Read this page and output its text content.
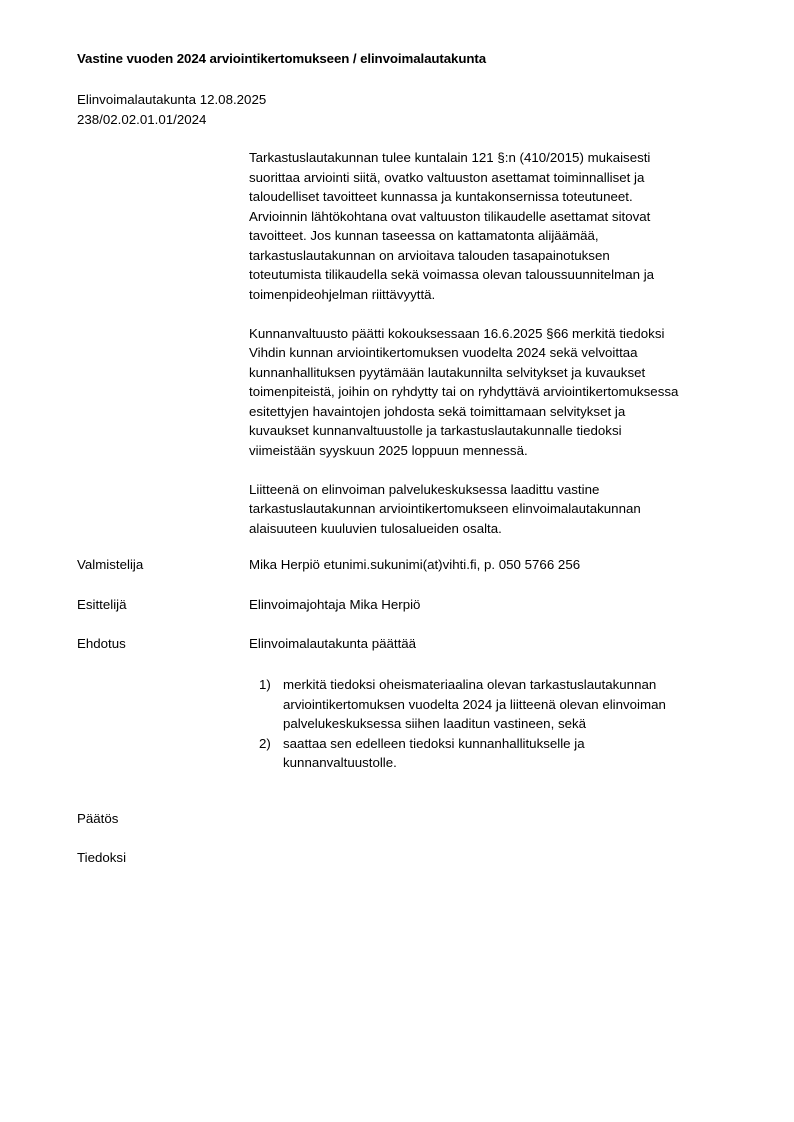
Vastine vuoden 2024 arviointikertomukseen / elinvoimalautakunta
Elinvoimalautakunta 12.08.2025
238/02.02.01.01/2024

Tarkastuslautakunnan tulee kuntalain 121 §:n (410/2015) mukaisesti
suorittaa arviointi siitä, ovatko valtuuston asettamat toiminnalliset ja
taloudelliset tavoitteet kunnassa ja kuntakonsernissa toteutuneet.
Arvioinnin lähtökohtana ovat valtuuston tilikaudelle asettamat sitovat
tavoitteet. Jos kunnan taseessa on kattamatonta alijäämää,
tarkastuslautakunnan on arvioitava talouden tasapainotuksen
toteutumista tilikaudella sekä voimassa olevan taloussuunnitelman ja
toimenpideohjelman riittävyyttä.

Kunnanvaltuusto päätti kokouksessaan 16.6.2025 §66 merkitä tiedoksi
Vihdin kunnan arviointikertomuksen vuodelta 2024 sekä velvoittaa
kunnanhallituksen pyytämään lautakunnilta selvitykset ja kuvaukset
toimenpiteistä, joihin on ryhdytty tai on ryhdyttävä arviointikertomuksessa
esitettyjen havaintojen johdosta sekä toimittamaan selvitykset ja
kuvaukset kunnanvaltuustolle ja tarkastuslautakunnalle tiedoksi
viimeistään syyskuun 2025 loppuun mennessä.

Liitteenä on elinvoiman palvelukeskuksessa laadittu vastine
tarkastuslautakunnan arviointikertomukseen elinvoimalautakunnan
alaisuuteen kuuluvien tulosalueiden osalta.

Valmistelija	Mika Herpiö etunimi.sukunimi(at)vihti.fi, p. 050 5766 256
Esittelijä	Elinvoimajohtaja Mika Herpiö
Ehdotus	Elinvoimalautakunta päättää
1) merkitä tiedoksi oheismateriaalina olevan tarkastuslautakunnan
arviointikertomuksen vuodelta 2024 ja liitteenä olevan elinvoiman
palvelukeskuksessa siihen laaditun vastineen, sekä
2) saattaa sen edelleen tiedoksi kunnanhallitukselle ja
kunnanvaltuustolle.
Päätös
Tiedoksi
